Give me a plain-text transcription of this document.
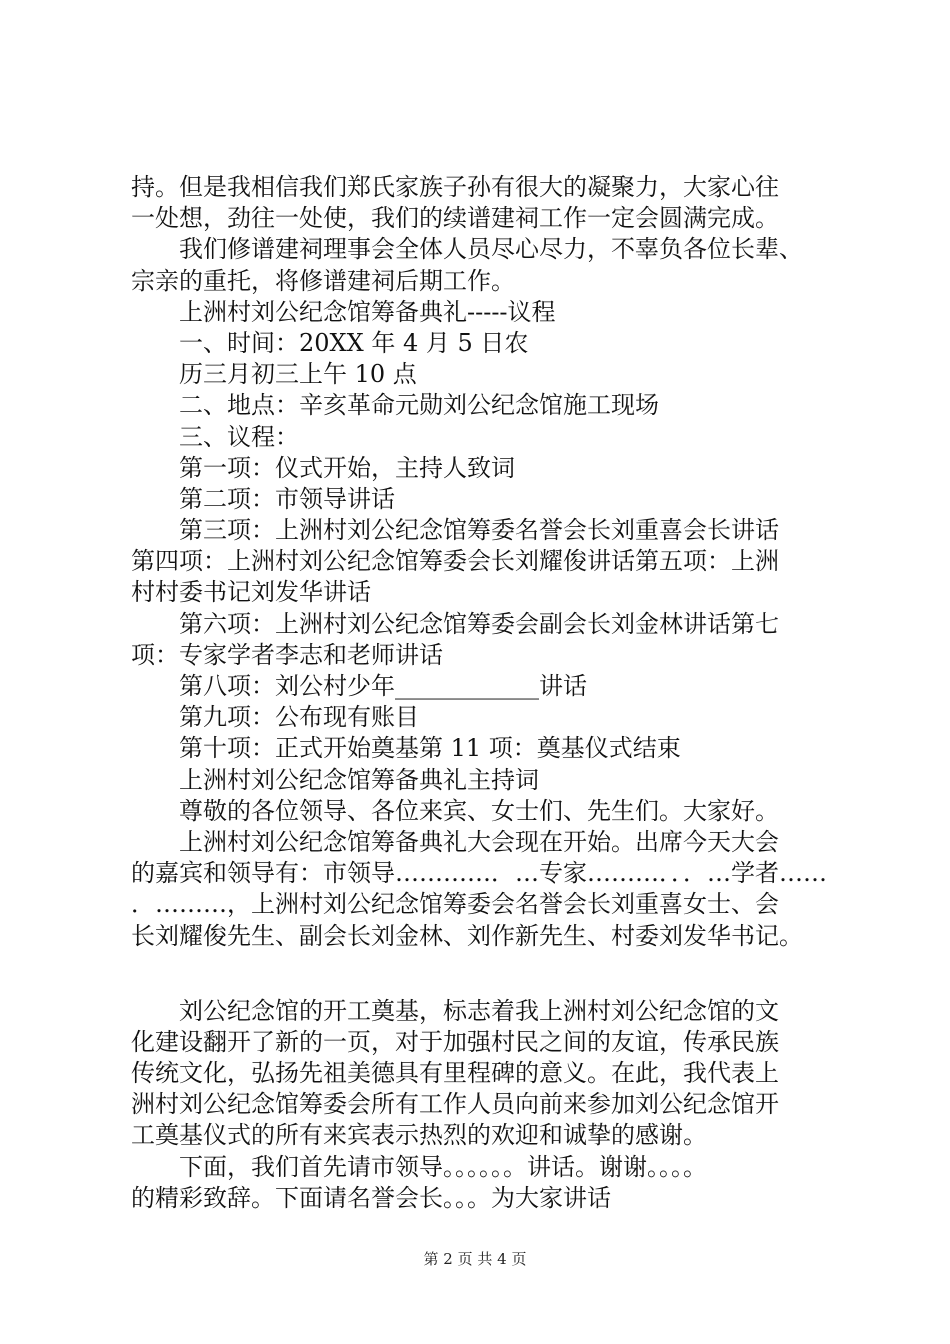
持。但是我相信我们郑氏家族子孙有很大的凝聚力，大家心往
一处想，劲往一处使，我们的续谱建祠工作一定会圆满完成。
我们修谱建祠理事会全体人员尽心尽力，不辜负各位长辈、
宗亲的重托，将修谱建祠后期工作。
上洲村刘公纪念馆筹备典礼-----议程
一、时间：20XX 年 4 月 5 日农
历三月初三上午 10 点
二、地点：辛亥革命元勋刘公纪念馆施工现场
三、议程：
第一项：仪式开始，主持人致词
第二项：市领导讲话
第三项：上洲村刘公纪念馆筹委名誉会长刘重喜会长讲话
第四项：上洲村刘公纪念馆筹委会长刘耀俊讲话第五项：上洲
村村委书记刘发华讲话
第六项：上洲村刘公纪念馆筹委会副会长刘金林讲话第七
项：专家学者李志和老师讲话
第八项：刘公村少年____________讲话
第九项：公布现有账目
第十项：正式开始奠基第 11 项：奠基仪式结束
上洲村刘公纪念馆筹备典礼主持词
尊敬的各位领导、各位来宾、女士们、先生们。大家好。
上洲村刘公纪念馆筹备典礼大会现在开始。出席今天大会
的嘉宾和领导有：市领导…………．…专家………．．．…学者……
．………，上洲村刘公纪念馆筹委会名誉会长刘重喜女士、会
长刘耀俊先生、副会长刘金林、刘作新先生、村委刘发华书记。
刘公纪念馆的开工奠基，标志着我上洲村刘公纪念馆的文
化建设翻开了新的一页，对于加强村民之间的友谊，传承民族
传统文化，弘扬先祖美德具有里程碑的意义。在此，我代表上
洲村刘公纪念馆筹委会所有工作人员向前来参加刘公纪念馆开
工奠基仪式的所有来宾表示热烈的欢迎和诚挚的感谢。
下面，我们首先请市领导。。。。。。讲话。谢谢。。。。
的精彩致辞。下面请名誉会长。。。为大家讲话
第 2 页 共 4 页
